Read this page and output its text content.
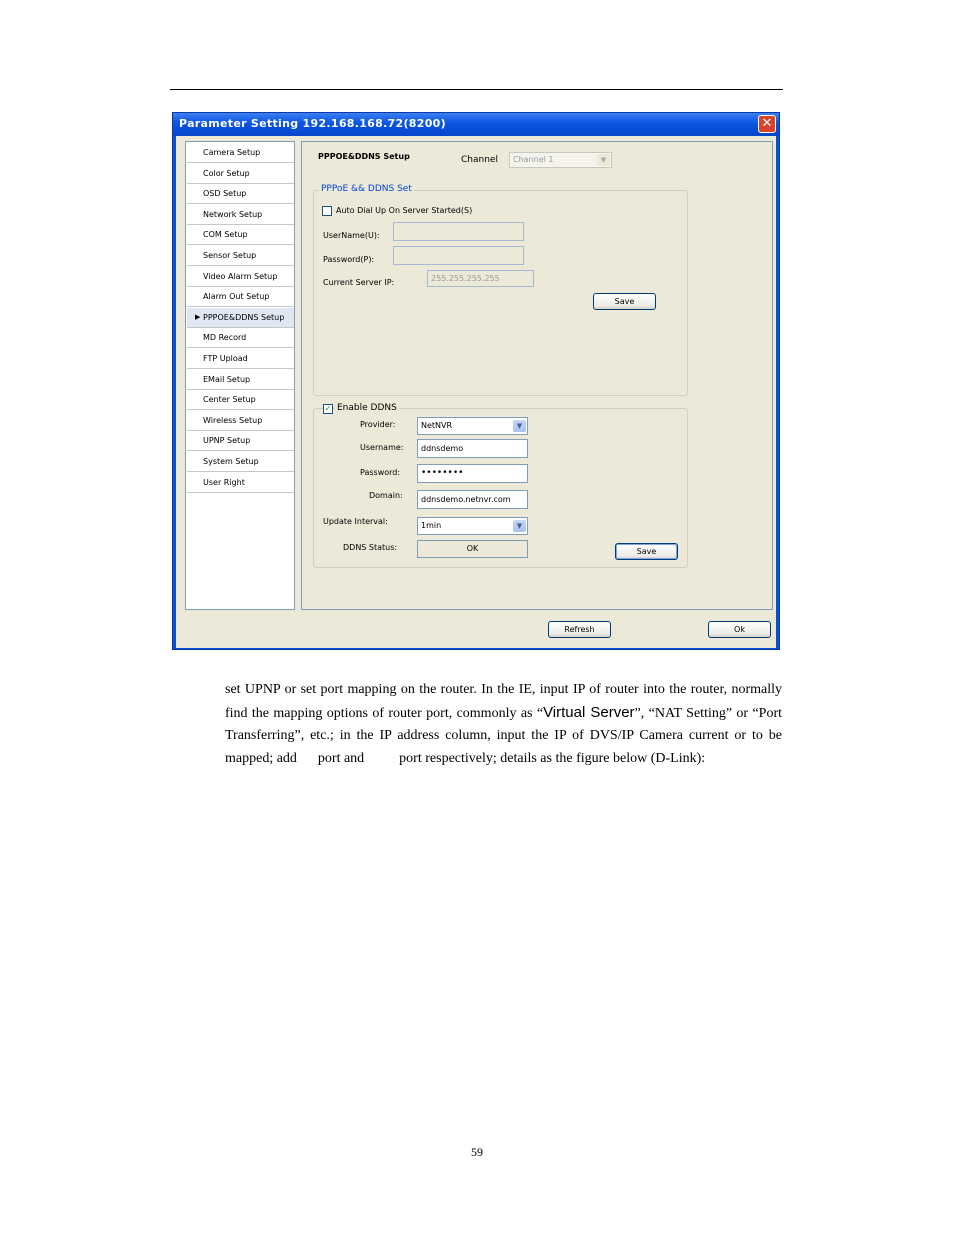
Parameter Setting 192.168.168.72(8200)	✕
Camera Setup
Color Setup
OSD Setup
Network Setup
COM Setup
Sensor Setup
Video Alarm Setup
Alarm Out Setup
▶ PPPOE&DDNS Setup
MD Record
FTP Upload
EMail Setup
Center Setup
Wireless Setup
UPNP Setup
System Setup
User Right
PPPOE&DDNS Setup	Channel	Channel 1	▼
PPPoE && DDNS Set
Auto Dial Up On Server Started(S)
UserName(U):
Password(P):
Current Server IP:	255.255.255.255
Save
✓ Enable DDNS
Provider:	NetNVR	▼
Username:	ddnsdemo
Password:	••••••••
Domain:	ddnsdemo.netnvr.com
Update Interval:	1min	▼
DDNS Status:	OK	Save
Refresh	Ok
set UPNP or set port mapping on the router. In the IE, input IP of router into the router, normally find the mapping options of router port, commonly as “Virtual Server”, “NAT Setting” or “Port Transferring”, etc.; in the IP address column, input the IP of DVS/IP Camera current or to be mapped; add      port and          port respectively; details as the figure below (D-Link):
59
